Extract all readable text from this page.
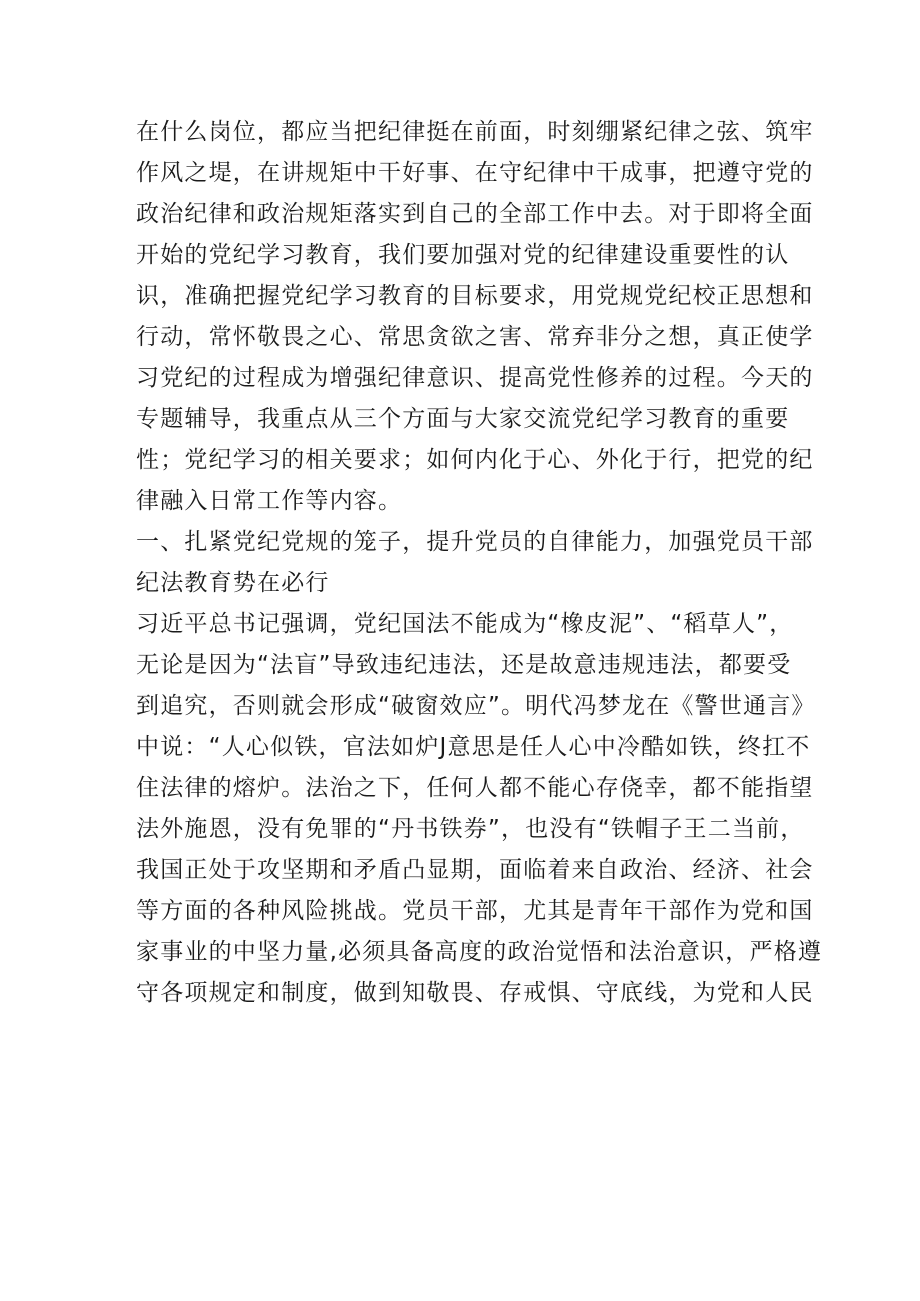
在什么岗位，都应当把纪律挺在前面，时刻绷紧纪律之弦、筑牢
作风之堤，在讲规矩中干好事、在守纪律中干成事，把遵守党的
政治纪律和政治规矩落实到自己的全部工作中去。对于即将全面
开始的党纪学习教育，我们要加强对党的纪律建设重要性的认
识，准确把握党纪学习教育的目标要求，用党规党纪校正思想和
行动，常怀敬畏之心、常思贪欲之害、常弃非分之想，真正使学
习党纪的过程成为增强纪律意识、提高党性修养的过程。今天的
专题辅导，我重点从三个方面与大家交流党纪学习教育的重要
性；党纪学习的相关要求；如何内化于心、外化于行，把党的纪
律融入日常工作等内容。
一、扎紧党纪党规的笼子，提升党员的自律能力，加强党员干部
纪法教育势在必行
习近平总书记强调，党纪国法不能成为“橡皮泥”、“稻草人”，
无论是因为“法盲”导致违纪违法，还是故意违规违法，都要受
到追究，否则就会形成“破窗效应”。明代冯梦龙在《警世通言》
中说：“人心似铁，官法如炉J意思是任人心中冷酷如铁，终扛不
住法律的熔炉。法治之下，任何人都不能心存侥幸，都不能指望
法外施恩，没有免罪的“丹书铁券”，也没有“铁帽子王二当前，
我国正处于攻坚期和矛盾凸显期，面临着来自政治、经济、社会
等方面的各种风险挑战。党员干部，尤其是青年干部作为党和国
家事业的中坚力量,必须具备高度的政治觉悟和法治意识，严格遵
守各项规定和制度，做到知敬畏、存戒惧、守底线，为党和人民
